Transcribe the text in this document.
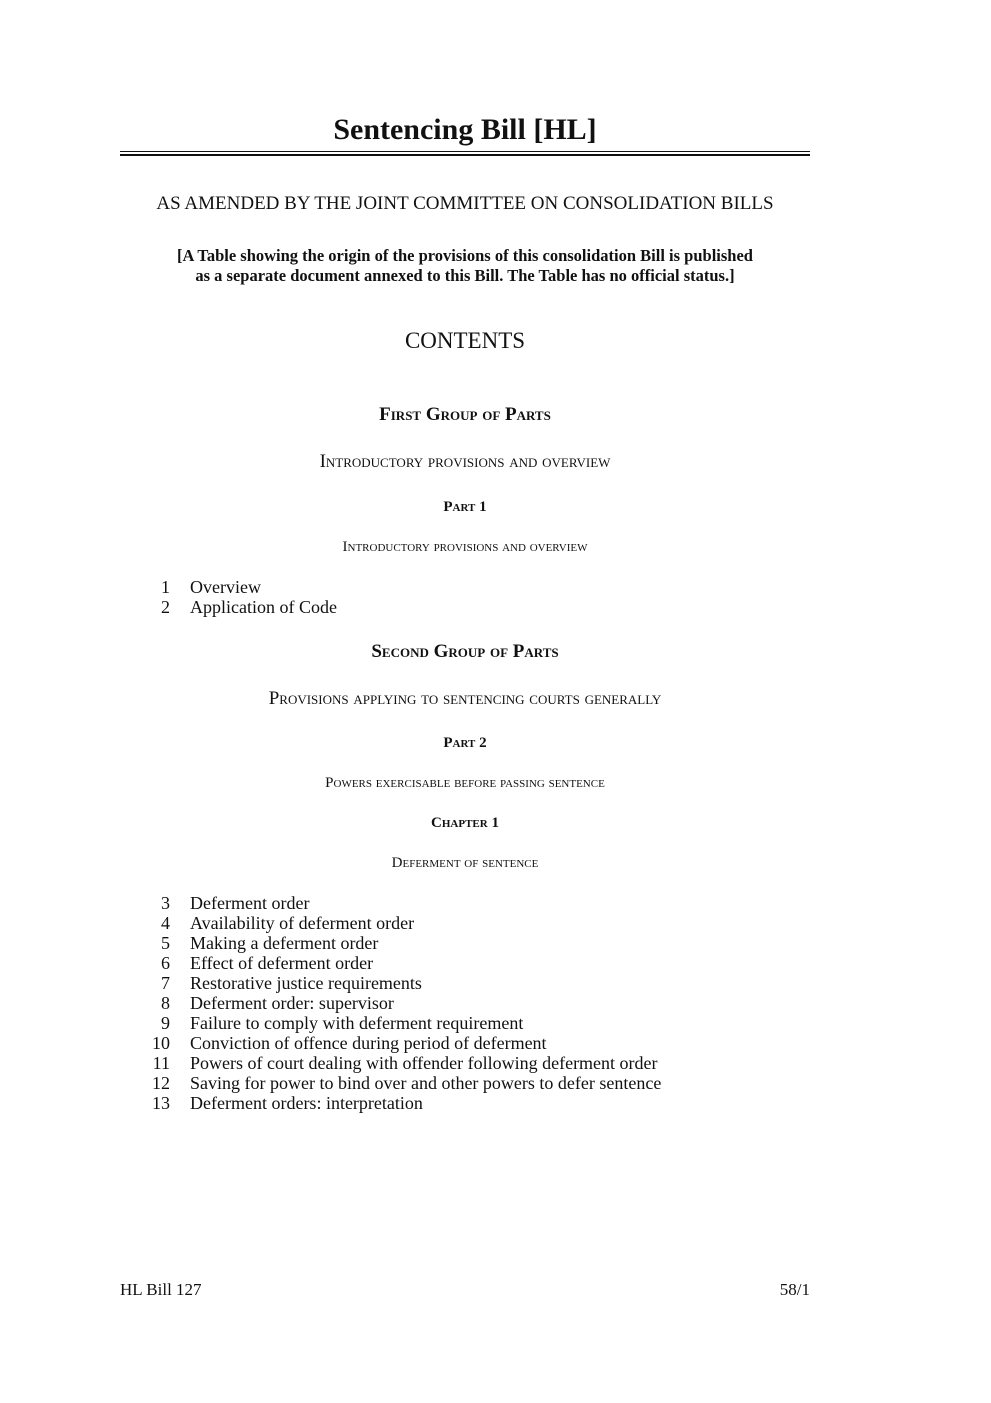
Sentencing Bill [HL]
AS AMENDED BY THE JOINT COMMITTEE ON CONSOLIDATION BILLS
[A Table showing the origin of the provisions of this consolidation Bill is published
as a separate document annexed to this Bill. The Table has no official status.]
CONTENTS
First Group of Parts
Introductory provisions and overview
Part 1
Introductory provisions and overview
1 Overview
2 Application of Code
Second Group of Parts
Provisions applying to sentencing courts generally
Part 2
Powers exercisable before passing sentence
Chapter 1
Deferment of sentence
3 Deferment order
4 Availability of deferment order
5 Making a deferment order
6 Effect of deferment order
7 Restorative justice requirements
8 Deferment order: supervisor
9 Failure to comply with deferment requirement
10 Conviction of offence during period of deferment
11 Powers of court dealing with offender following deferment order
12 Saving for power to bind over and other powers to defer sentence
13 Deferment orders: interpretation
HL Bill 127	58/1
